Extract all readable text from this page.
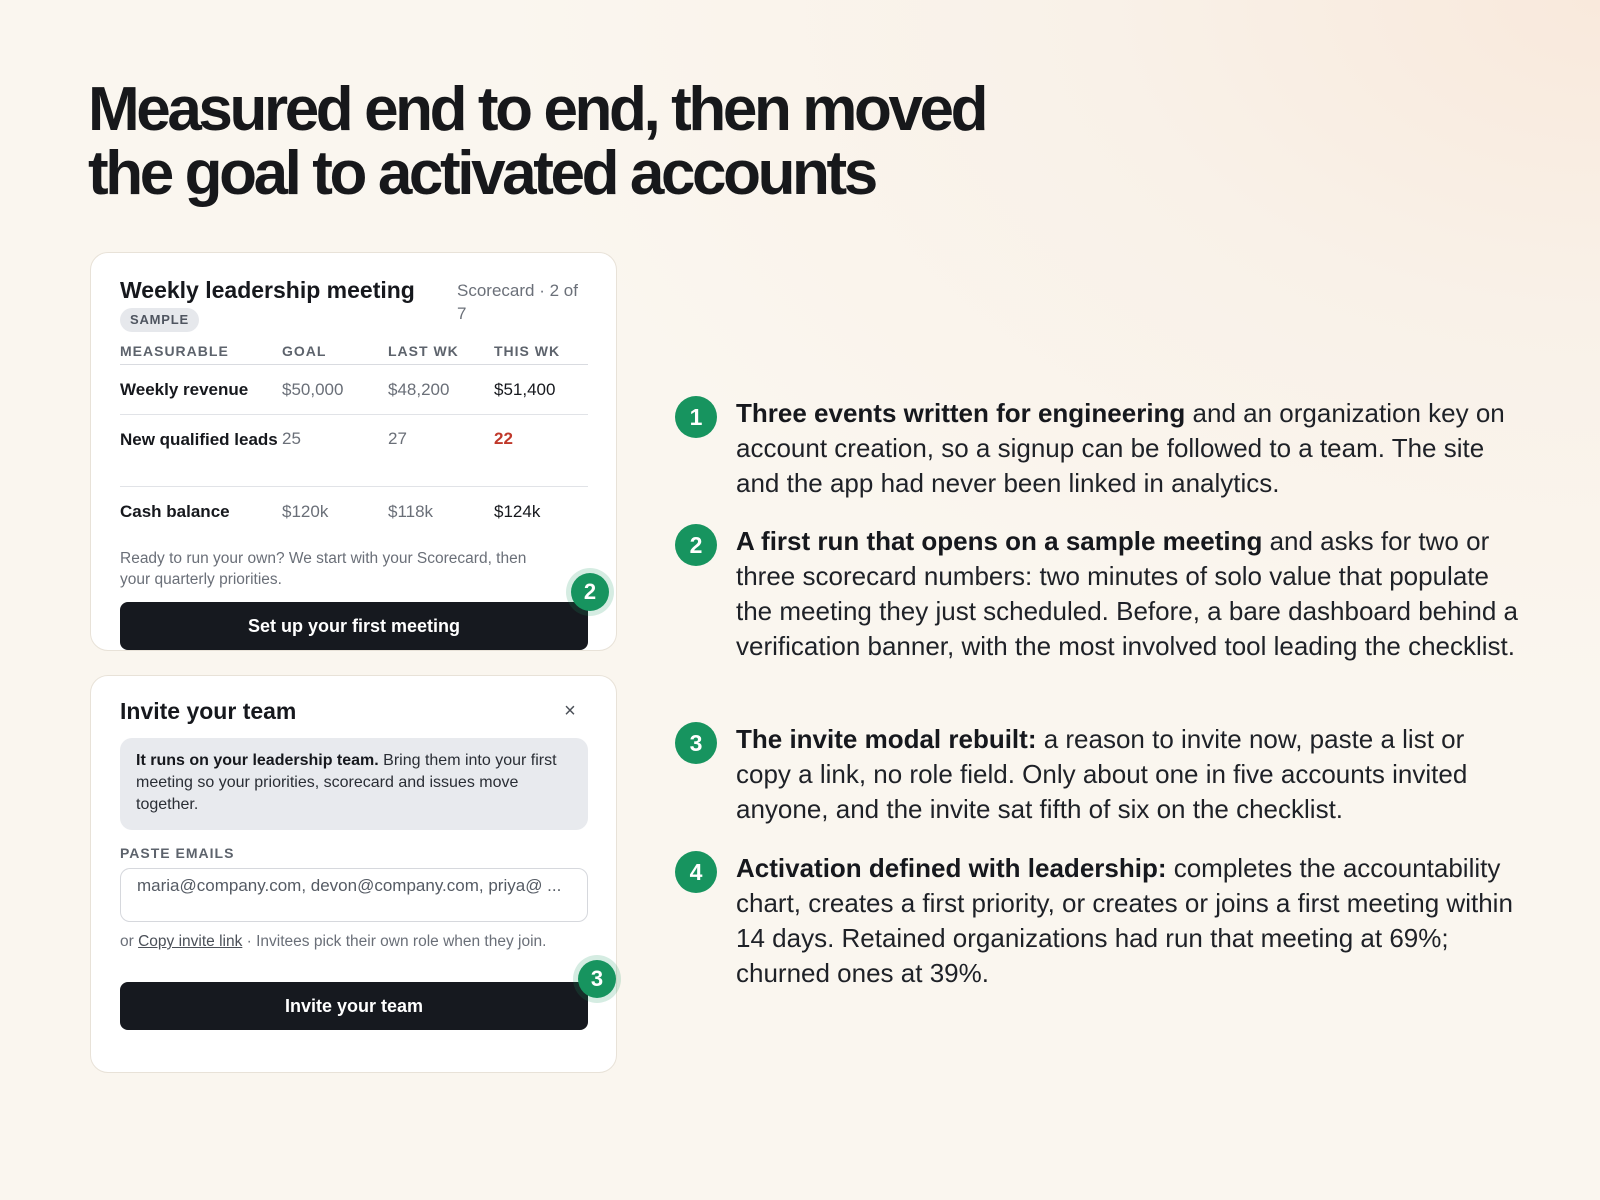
Measured end to end, then moved
the goal to activated accounts
Weekly leadership meeting
SAMPLE
Scorecard · 2 of 7
MEASURABLE	GOAL	LAST WK	THIS WK
Weekly revenue	$50,000	$48,200	$51,400
New qualified leads 25	27	22
Cash balance	$120k	$118k	$124k
Ready to run your own? We start with your Scorecard, then your quarterly priorities.
Set up your first meeting
2
Invite your team	×
It runs on your leadership team. Bring them into your first meeting so your priorities, scorecard and issues move together.
PASTE EMAILS
maria@company.com, devon@company.com, priya@ ...
or Copy invite link · Invitees pick their own role when they join.
Invite your team
3
1	Three events written for engineering and an organization key on account creation, so a signup can be followed to a team. The site and the app had never been linked in analytics.
2	A first run that opens on a sample meeting and asks for two or three scorecard numbers: two minutes of solo value that populate the meeting they just scheduled. Before, a bare dashboard behind a verification banner, with the most involved tool leading the checklist.
3	The invite modal rebuilt: a reason to invite now, paste a list or copy a link, no role field. Only about one in five accounts invited anyone, and the invite sat fifth of six on the checklist.
4	Activation defined with leadership: completes the accountability chart, creates a first priority, or creates or joins a first meeting within 14 days. Retained organizations had run that meeting at 69%; churned ones at 39%.
